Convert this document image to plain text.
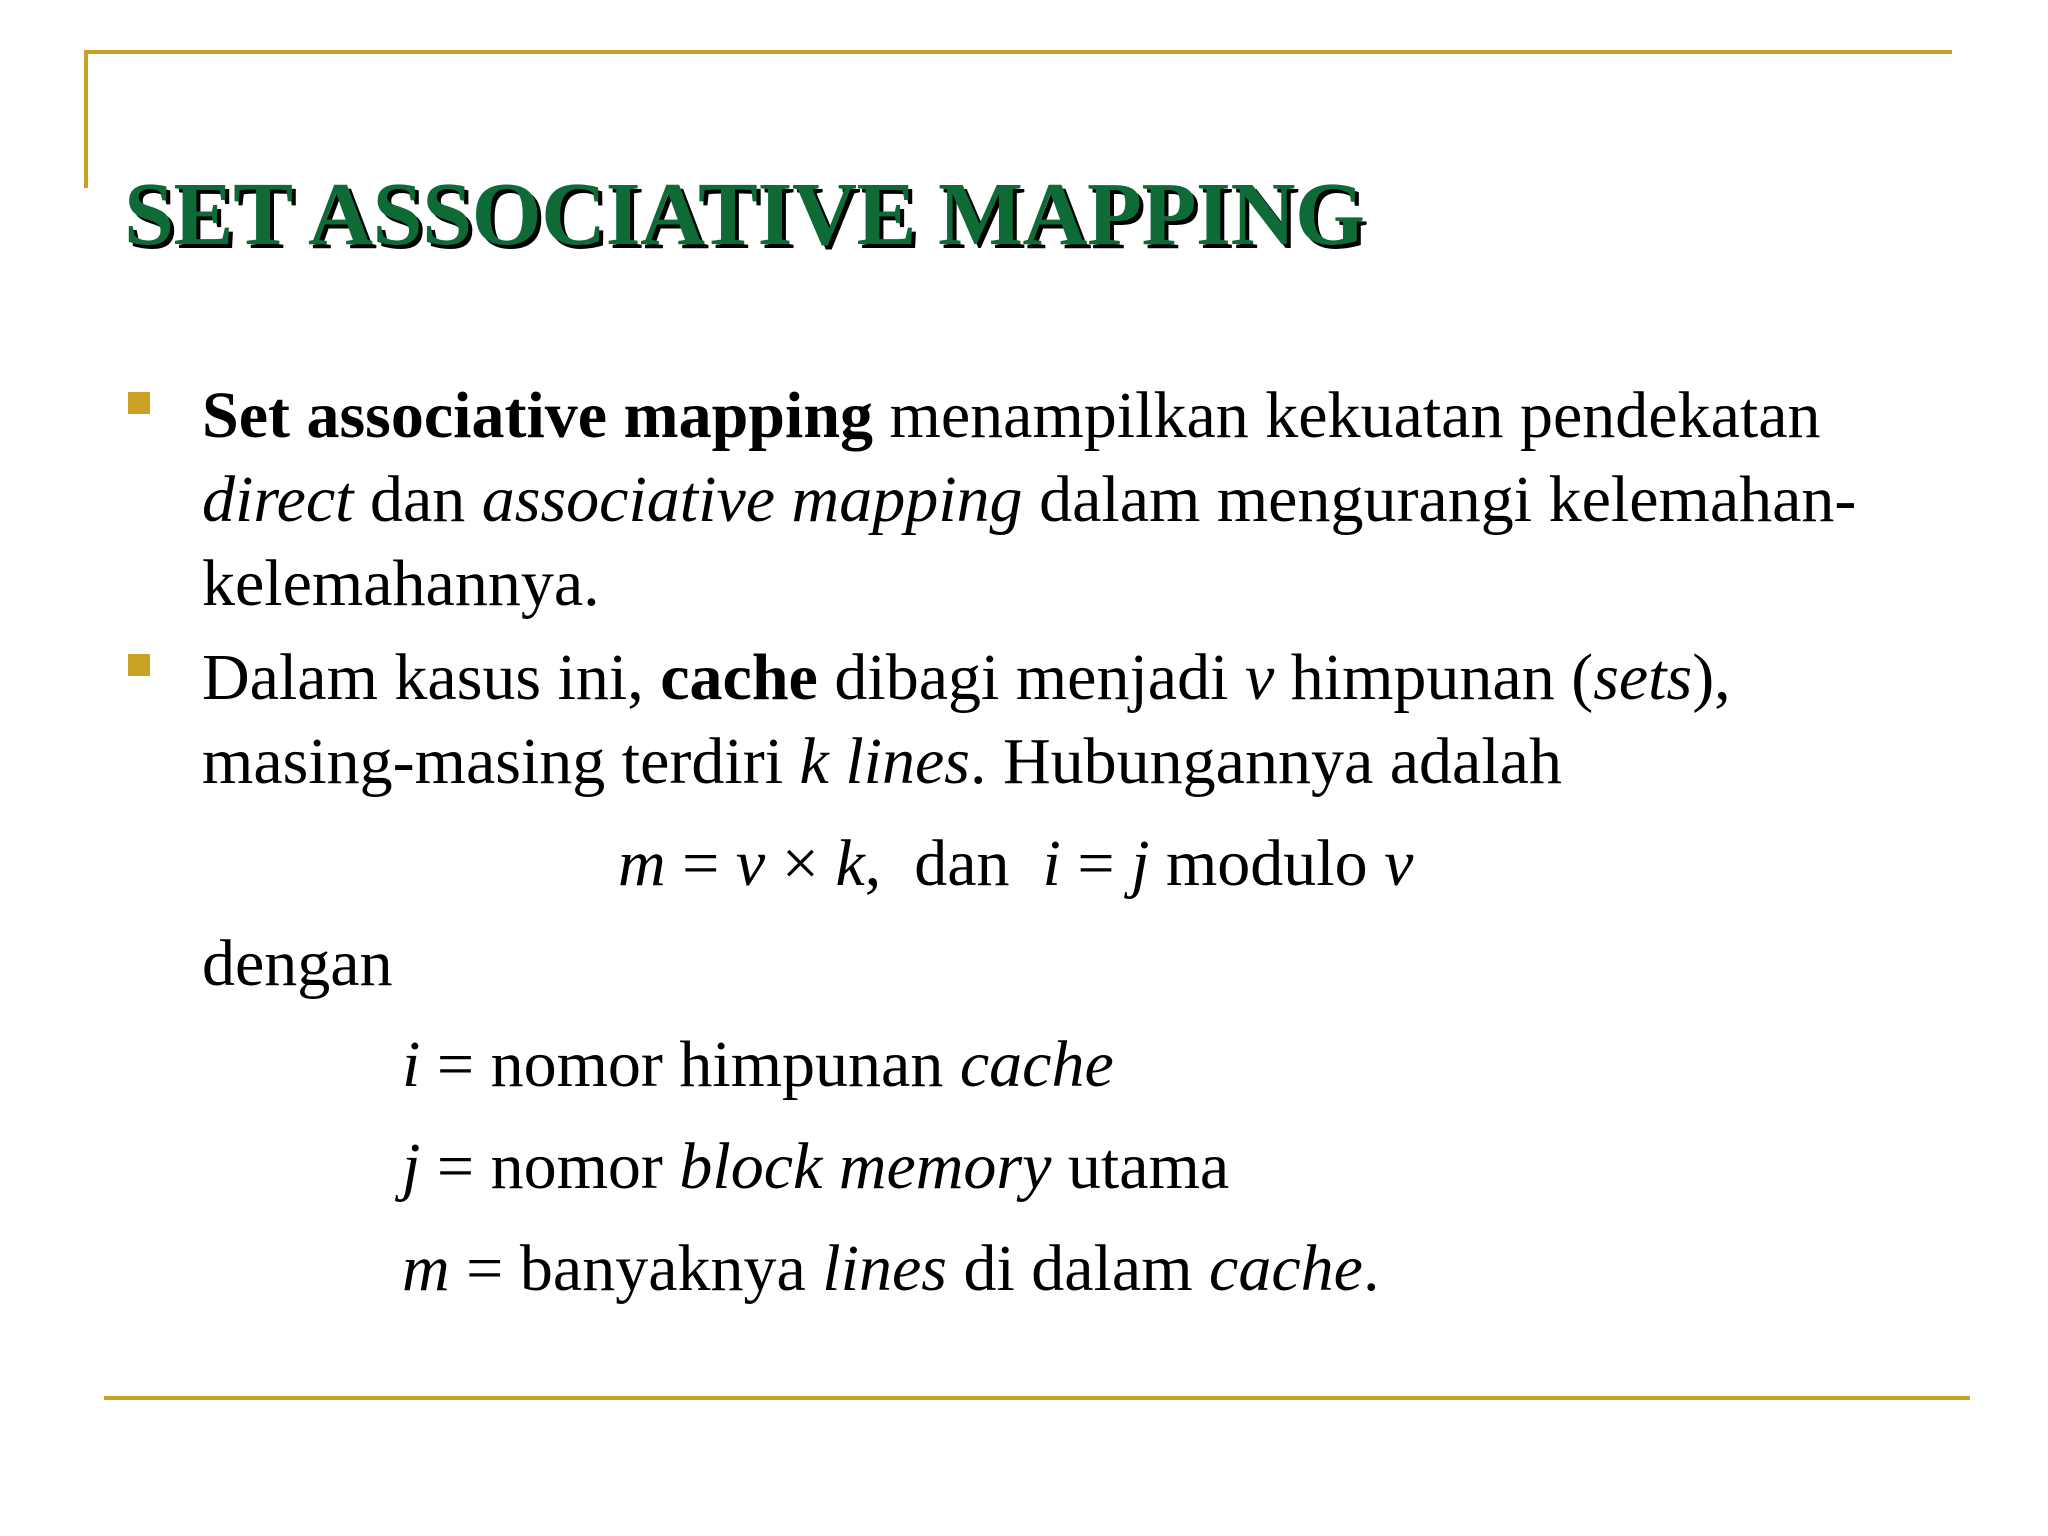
SET ASSOCIATIVE MAPPING
Set associative mapping menampilkan kekuatan pendekatan direct dan associative mapping dalam mengurangi kelemahan-kelemahannya.
Dalam kasus ini, cache dibagi menjadi v himpunan (sets), masing-masing terdiri k lines. Hubungannya adalah
m = v × k,  dan  i = j modulo v
dengan
i = nomor himpunan cache
j = nomor block memory utama
m = banyaknya lines di dalam cache.
